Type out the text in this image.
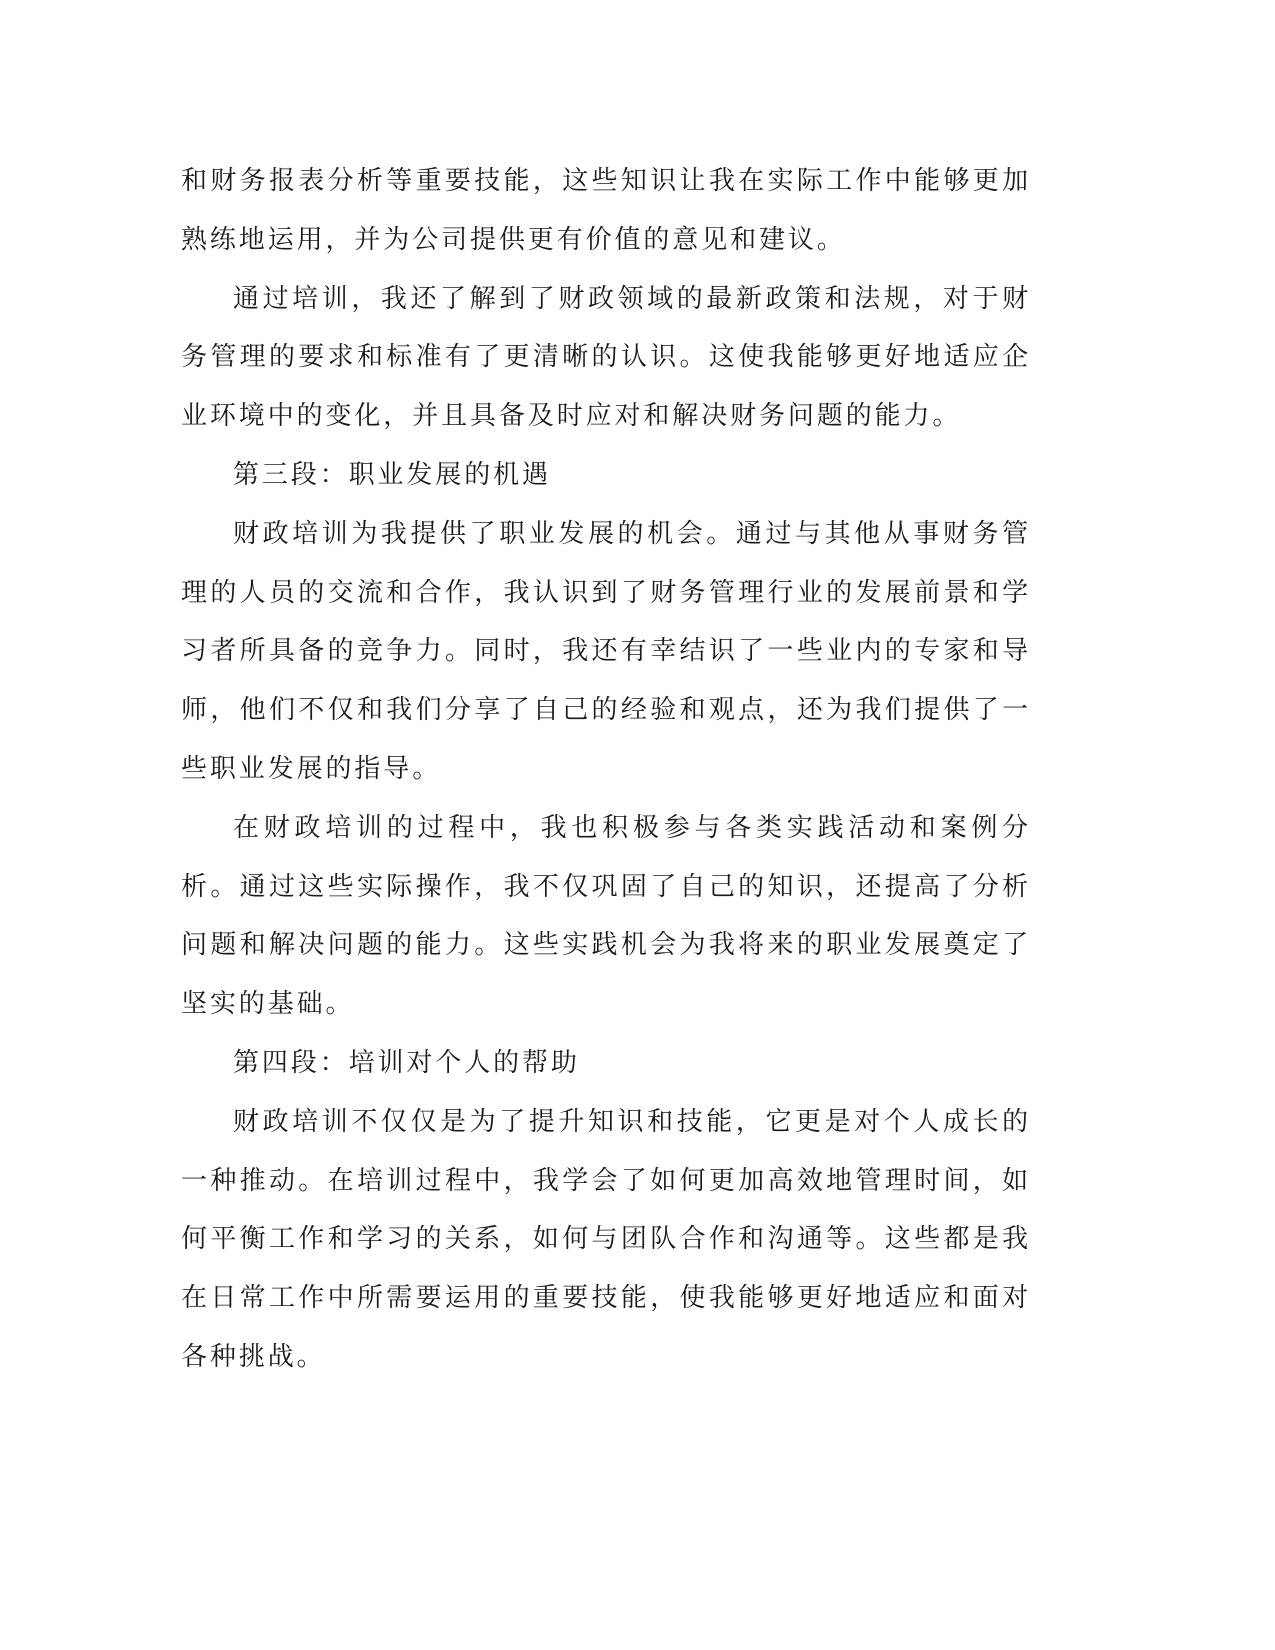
和财务报表分析等重要技能，这些知识让我在实际工作中能够更加熟练地运用，并为公司提供更有价值的意见和建议。

通过培训，我还了解到了财政领域的最新政策和法规，对于财务管理的要求和标准有了更清晰的认识。这使我能够更好地适应企业环境中的变化，并且具备及时应对和解决财务问题的能力。

第三段：职业发展的机遇

财政培训为我提供了职业发展的机会。通过与其他从事财务管理的人员的交流和合作，我认识到了财务管理行业的发展前景和学习者所具备的竞争力。同时，我还有幸结识了一些业内的专家和导师，他们不仅和我们分享了自己的经验和观点，还为我们提供了一些职业发展的指导。

在财政培训的过程中，我也积极参与各类实践活动和案例分析。通过这些实际操作，我不仅巩固了自己的知识，还提高了分析问题和解决问题的能力。这些实践机会为我将来的职业发展奠定了坚实的基础。

第四段：培训对个人的帮助

财政培训不仅仅是为了提升知识和技能，它更是对个人成长的一种推动。在培训过程中，我学会了如何更加高效地管理时间，如何平衡工作和学习的关系，如何与团队合作和沟通等。这些都是我在日常工作中所需要运用的重要技能，使我能够更好地适应和面对各种挑战。
